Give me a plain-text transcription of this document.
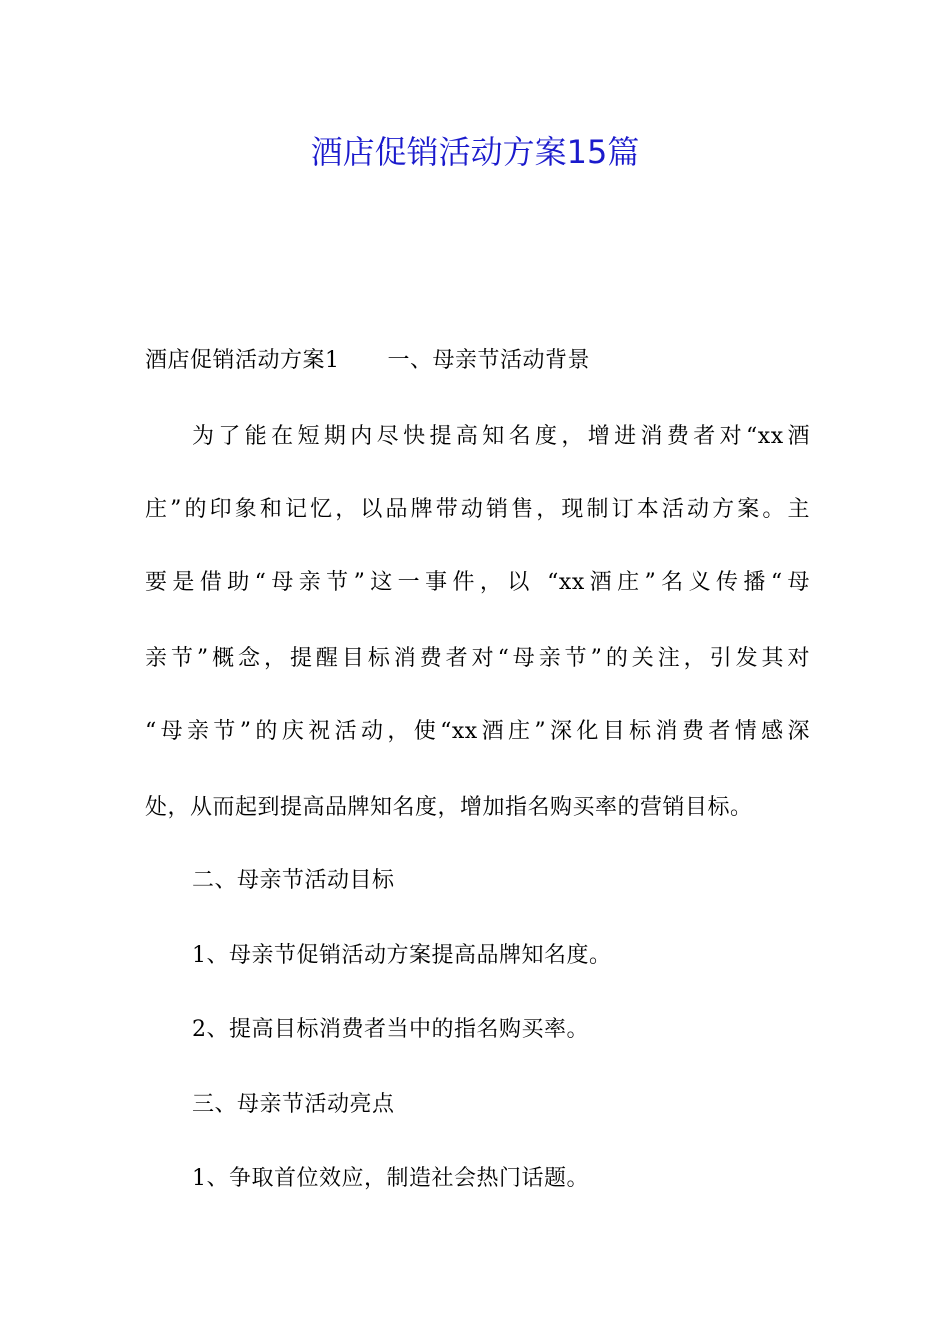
酒店促销活动方案15篇
酒店促销活动方案1 一、母亲节活动背景
为了能在短期内尽快提高知名度，增进消费者对“xx酒
庄”的印象和记忆，以品牌带动销售，现制订本活动方案。主
要是借助“母亲节”这一事件，以 “xx酒庄”名义传播“母
亲节”概念，提醒目标消费者对“母亲节”的关注，引发其对
“母亲节”的庆祝活动，使“xx酒庄”深化目标消费者情感深
处，从而起到提高品牌知名度，增加指名购买率的营销目标。
二、母亲节活动目标
1、母亲节促销活动方案提高品牌知名度。
2、提高目标消费者当中的指名购买率。
三、母亲节活动亮点
1、争取首位效应，制造社会热门话题。
